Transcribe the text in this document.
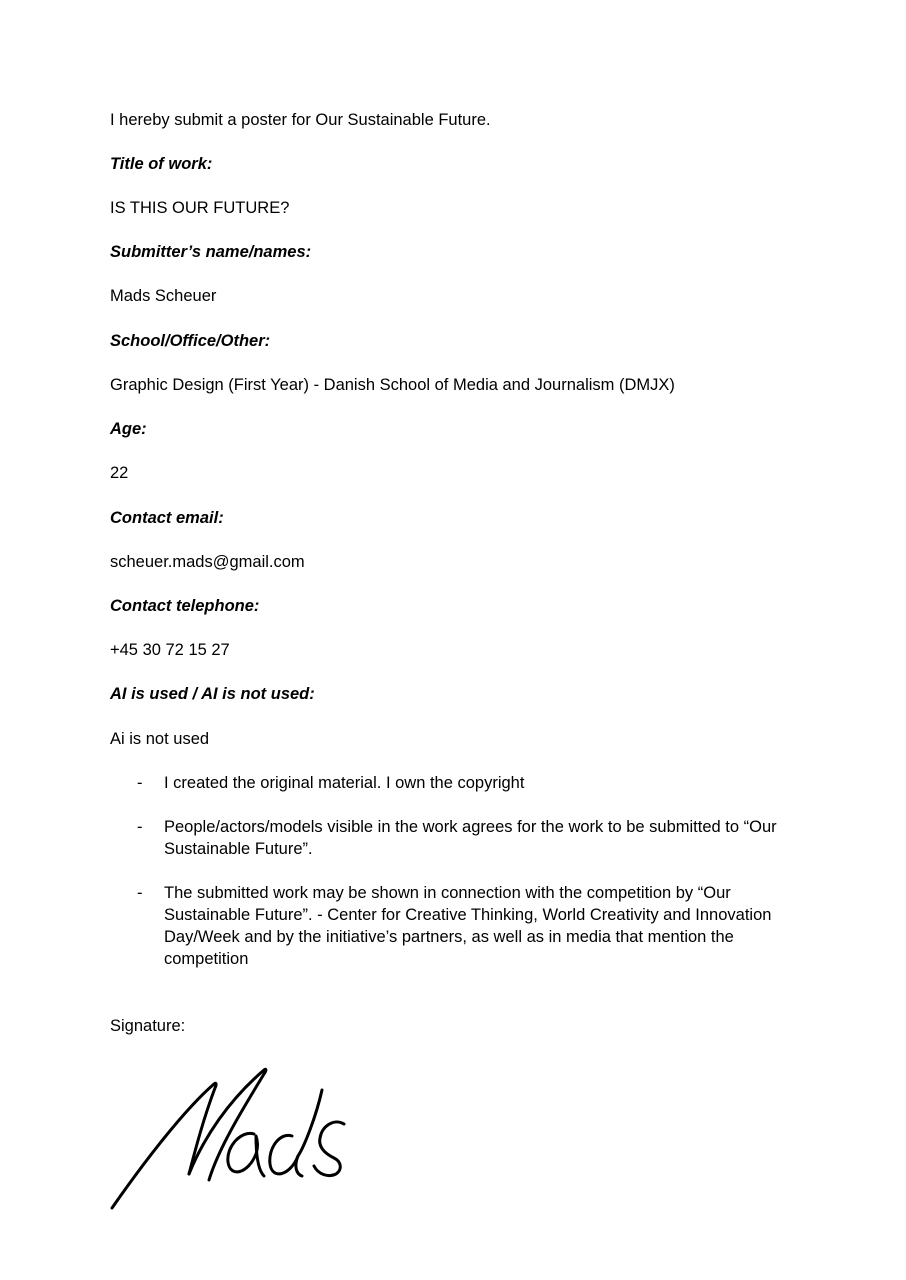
I hereby submit a poster for Our Sustainable Future.
Title of work:
IS THIS OUR FUTURE?
Submitter’s name/names:
Mads Scheuer
School/Office/Other:
Graphic Design (First Year) - Danish School of Media and Journalism (DMJX)
Age:
22
Contact email:
scheuer.mads@gmail.com
Contact telephone:
+45 30 72 15 27
AI is used / AI is not used:
Ai is not used
- I created the original material. I own the copyright
- People/actors/models visible in the work agrees for the work to be submitted to “Our Sustainable Future”.
- The submitted work may be shown in connection with the competition by “Our Sustainable Future”. - Center for Creative Thinking, World Creativity and Innovation Day/Week and by the initiative’s partners, as well as in media that mention the competition
Signature:
